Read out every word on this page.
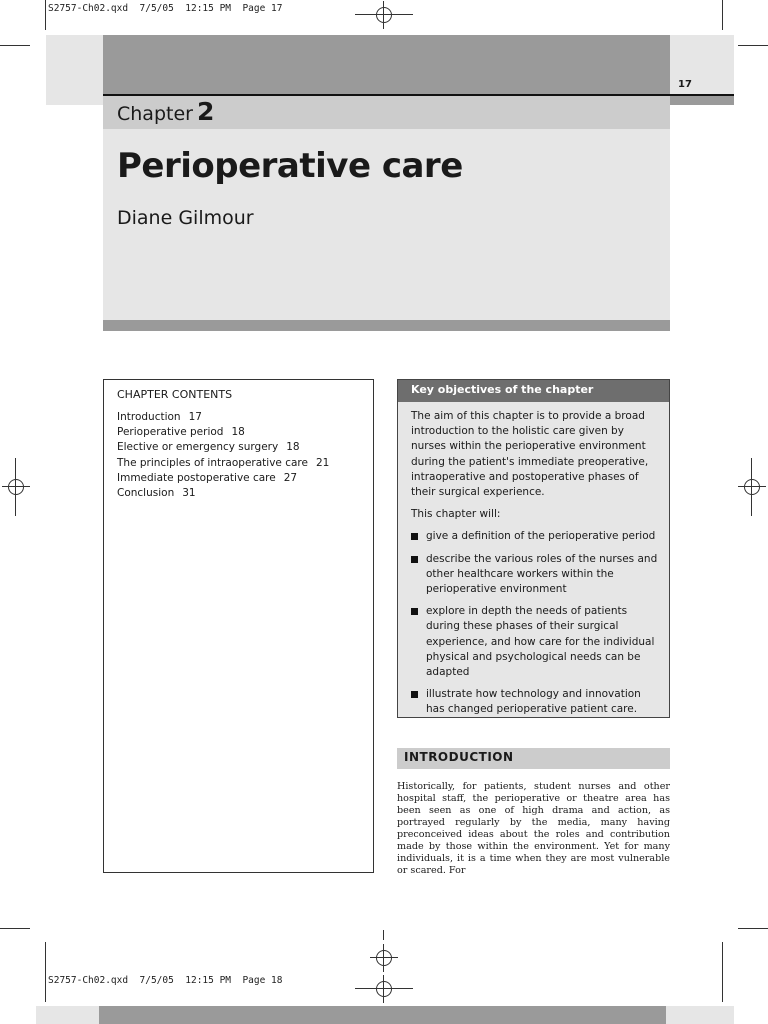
S2757-Ch02.qxd  7/5/05  12:15 PM  Page 17
S2757-Ch02.qxd  7/5/05  12:15 PM  Page 18
17
Chapter 2
Perioperative care
Diane Gilmour
CHAPTER CONTENTS
Introduction 17
Perioperative period 18
Elective or emergency surgery 18
The principles of intraoperative care 21
Immediate postoperative care 27
Conclusion 31
Key objectives of the chapter

The aim of this chapter is to provide a broad introduction to the holistic care given by nurses within the perioperative environment during the patient's immediate preoperative, intraoperative and postoperative phases of their surgical experience.

This chapter will:

give a definition of the perioperative period
describe the various roles of the nurses and other healthcare workers within the perioperative environment
explore in depth the needs of patients during these phases of their surgical experience, and how care for the individual physical and psychological needs can be adapted
illustrate how technology and innovation has changed perioperative patient care.
INTRODUCTION
Historically, for patients, student nurses and other hospital staff, the perioperative or theatre area has been seen as one of high drama and action, as portrayed regularly by the media, many having preconceived ideas about the roles and contribution made by those within the environment. Yet for many individuals, it is a time when they are most vulnerable or scared. For
